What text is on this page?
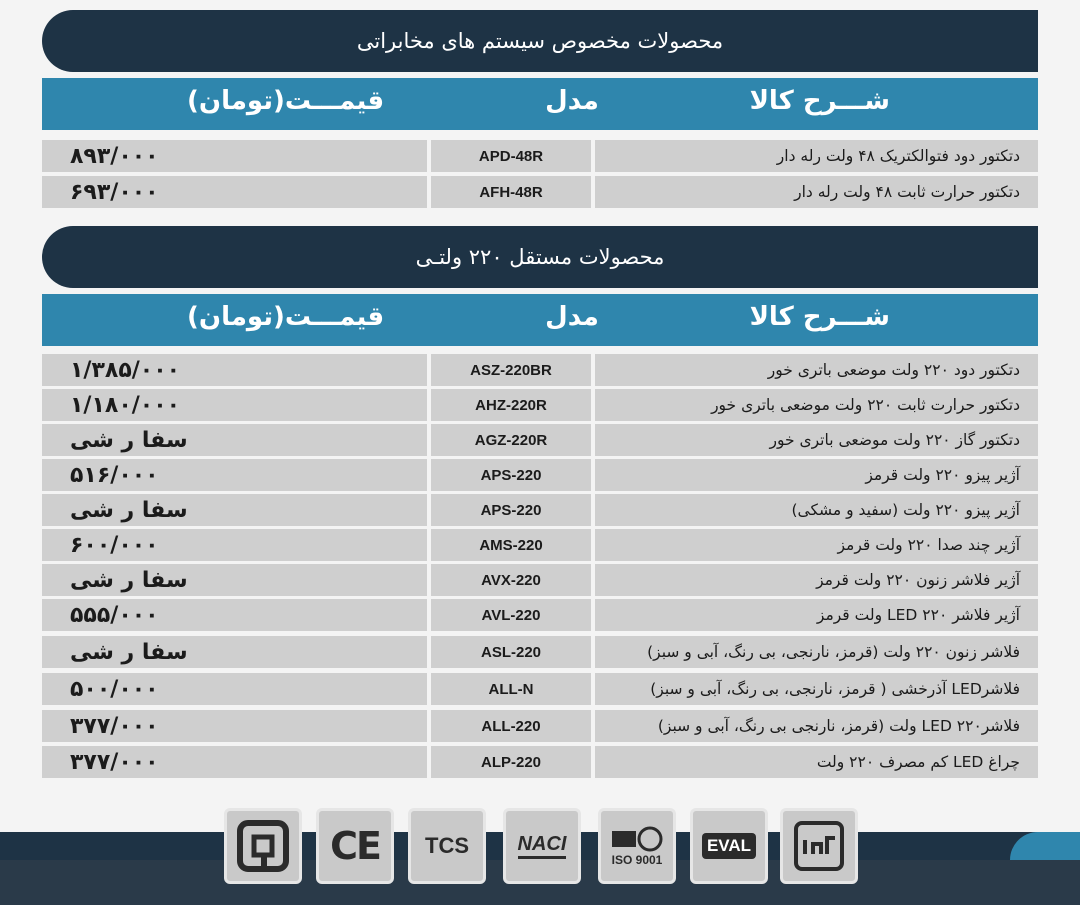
محصولات مخصوص سیستم های مخابراتی
شـــرح کالا
مدل
قیمـــت(تومان)
دتکتور دود فتوالکتریک ۴۸ ولت رله دار
APD-48R
۸۹۳/۰۰۰
دتکتور حرارت ثابت ۴۸ ولت رله دار
AFH-48R
۶۹۳/۰۰۰
محصولات مستقل ۲۲۰ ولتـی
شـــرح کالا
مدل
قیمـــت(تومان)
دتکتور دود ۲۲۰ ولت موضعی باتری خور
ASZ-220BR
۱/۳۸۵/۰۰۰
دتکتور حرارت ثابت ۲۲۰ ولت موضعی باتری خور
AHZ-220R
۱/۱۸۰/۰۰۰
دتکتور گاز ۲۲۰ ولت موضعی باتری خور
AGZ-220R
سفا ر شی
آژیر پیزو ۲۲۰ ولت قرمز
APS-220
۵۱۶/۰۰۰
آژیر پیزو ۲۲۰ ولت (سفید و مشکی)
APS-220
سفا ر شی
آژیر چند صدا ۲۲۰ ولت قرمز
AMS-220
۶۰۰/۰۰۰
آژیر فلاشر زنون ۲۲۰ ولت قرمز
AVX-220
سفا ر شی
آژیر فلاشر LED ۲۲۰ ولت قرمز
AVL-220
۵۵۵/۰۰۰
فلاشر زنون ۲۲۰ ولت (قرمز، نارنجی، بی رنگ، آبی و سبز)
ASL-220
سفا ر شی
فلاشرLED آذرخشی ( قرمز، نارنجی، بی رنگ، آبی و سبز)
ALL-N
۵۰۰/۰۰۰
فلاشرLED ۲۲۰ ولت (قرمز، نارنجی بی رنگ، آبی و سبز)
ALL-220
۳۷۷/۰۰۰
چراغ LED کم مصرف ۲۲۰ ولت
ALP-220
۳۷۷/۰۰۰
CE TCS NACI
ISO 9001
EVAL
